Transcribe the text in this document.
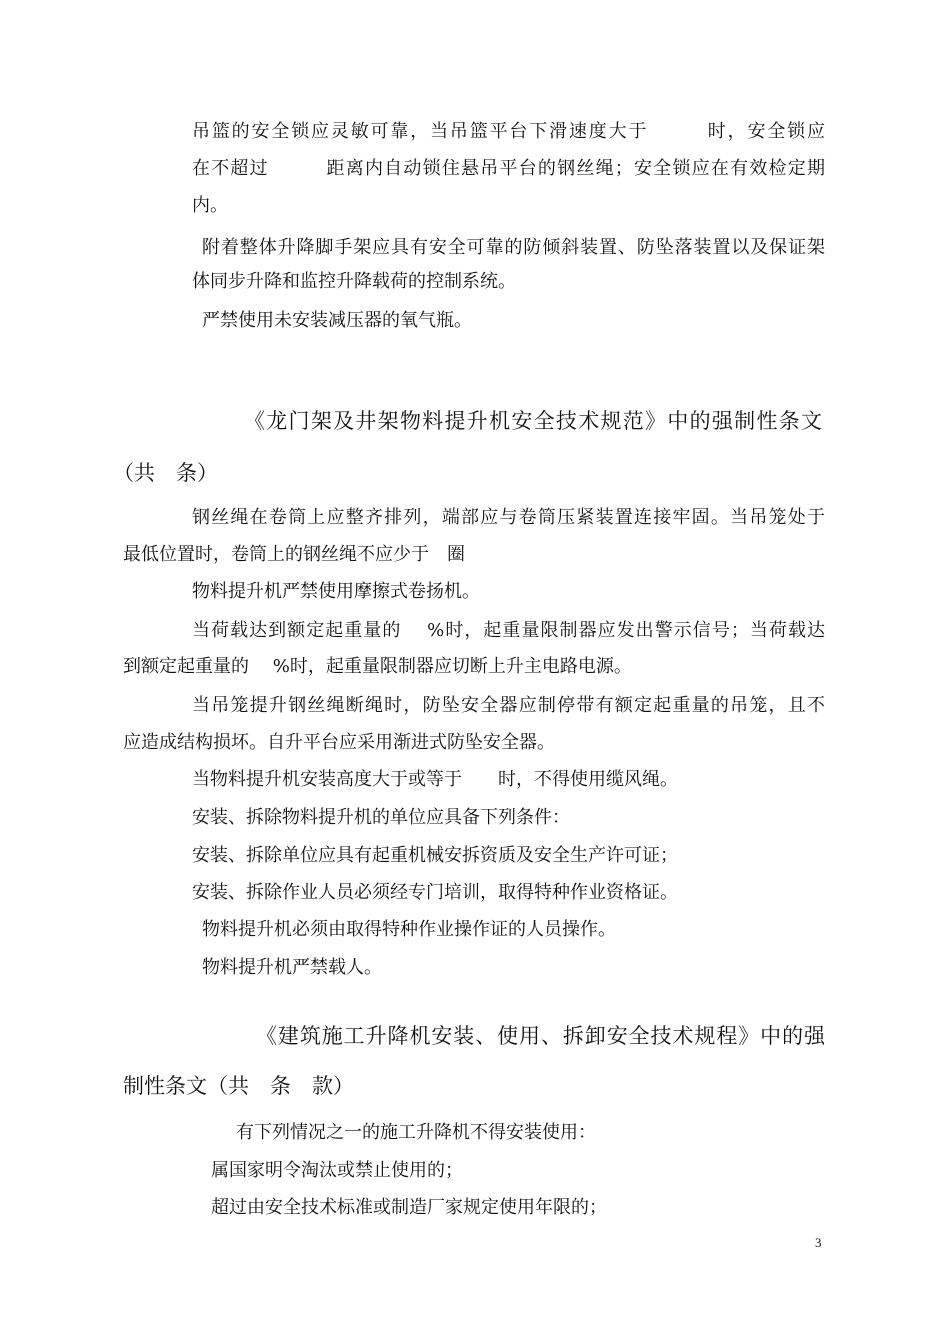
吊篮的安全锁应灵敏可靠，当吊篮平台下滑速度大于　　　时，安全锁应

在不超过　　　距离内自动锁住悬吊平台的钢丝绳；安全锁应在有效检定期

内。

附着整体升降脚手架应具有安全可靠的防倾斜装置、防坠落装置以及保证架

体同步升降和监控升降载荷的控制系统。

严禁使用未安装减压器的氧气瓶。

《龙门架及井架物料提升机安全技术规范》中的强制性条文

（共　条）

钢丝绳在卷筒上应整齐排列，端部应与卷筒压紧装置连接牢固。当吊笼处于

最低位置时，卷筒上的钢丝绳不应少于　圈

物料提升机严禁使用摩擦式卷扬机。

当荷载达到额定起重量的　 %时，起重量限制器应发出警示信号；当荷载达

到额定起重量的　 %时，起重量限制器应切断上升主电路电源。

当吊笼提升钢丝绳断绳时，防坠安全器应制停带有额定起重量的吊笼，且不

应造成结构损坏。自升平台应采用渐进式防坠安全器。

当物料提升机安装高度大于或等于　　时，不得使用缆风绳。

安装、拆除物料提升机的单位应具备下列条件：

安装、拆除单位应具有起重机械安拆资质及安全生产许可证；

安装、拆除作业人员必须经专门培训，取得特种作业资格证。

物料提升机必须由取得特种作业操作证的人员操作。

物料提升机严禁载人。

《建筑施工升降机安装、使用、拆卸安全技术规程》中的强

制性条文（共　条　款）

有下列情况之一的施工升降机不得安装使用：

属国家明令淘汰或禁止使用的；

超过由安全技术标准或制造厂家规定使用年限的；

3
